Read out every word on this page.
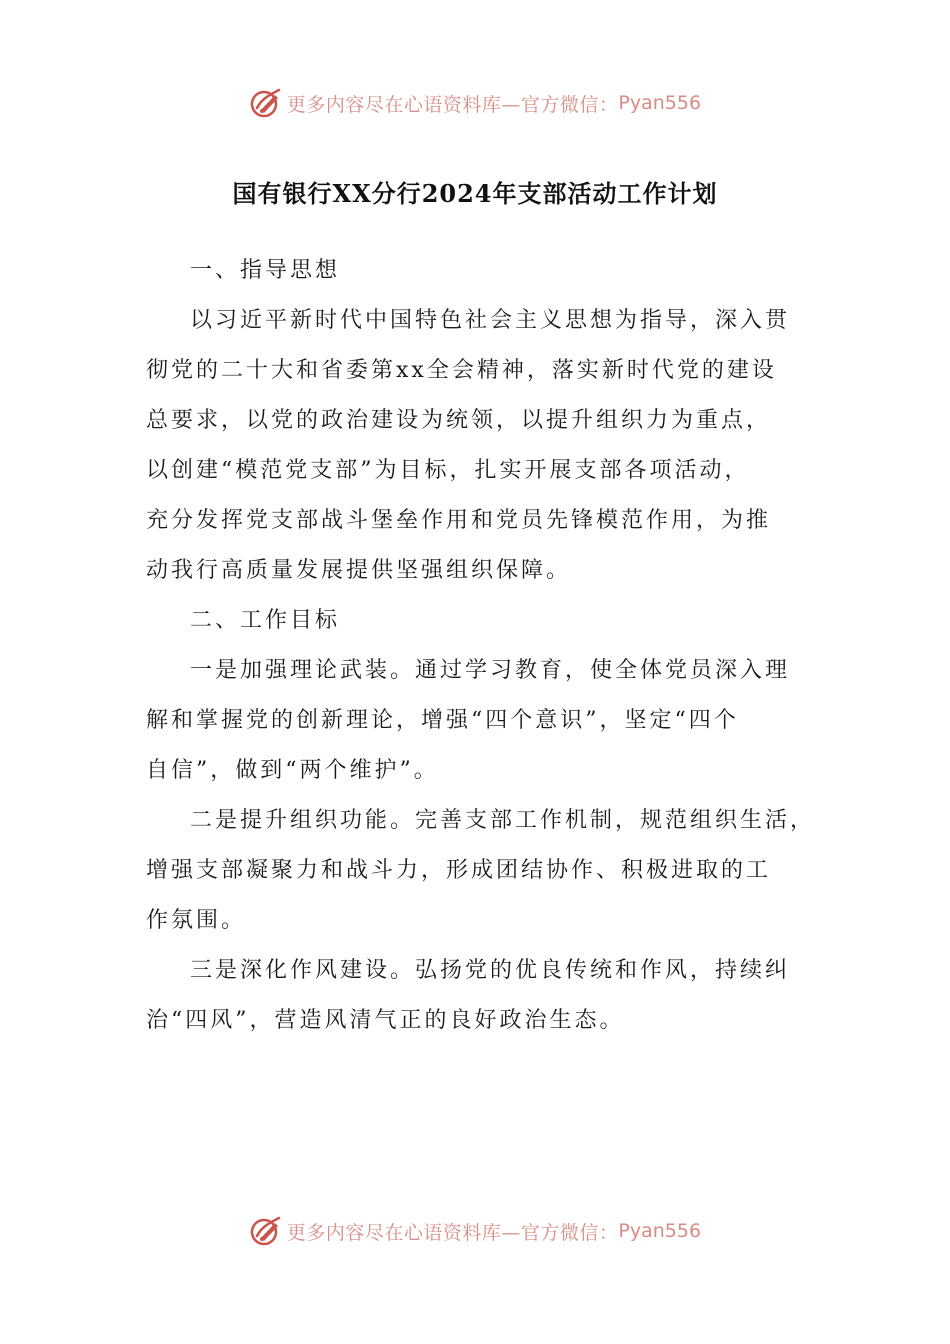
更多内容尽在心语资料库—官方微信： Pyan556
国有银行XX分行2024年支部活动工作计划

一、指导思想

以习近平新时代中国特色社会主义思想为指导，深入贯

彻党的二十大和省委第xx全会精神，落实新时代党的建设

总要求，以党的政治建设为统领，以提升组织力为重点，

以创建“模范党支部”为目标，扎实开展支部各项活动，

充分发挥党支部战斗堡垒作用和党员先锋模范作用，为推

动我行高质量发展提供坚强组织保障。

二、工作目标

一是加强理论武装。通过学习教育，使全体党员深入理

解和掌握党的创新理论，增强“四个意识”，坚定“四个

自信”，做到“两个维护”。

二是提升组织功能。完善支部工作机制，规范组织生活，

增强支部凝聚力和战斗力，形成团结协作、积极进取的工

作氛围。

三是深化作风建设。弘扬党的优良传统和作风，持续纠

治“四风”，营造风清气正的良好政治生态。

更多内容尽在心语资料库—官方微信： Pyan556
